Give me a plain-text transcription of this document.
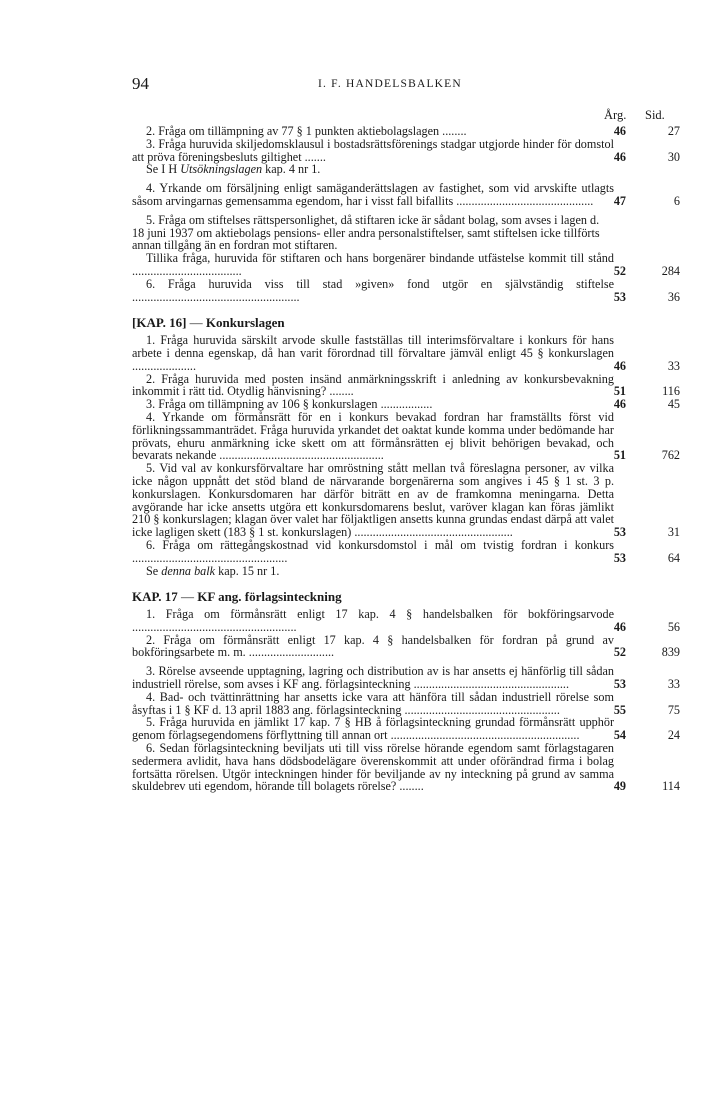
94	I. F. HANDELSBALKEN
Årg. Sid.
2. Fråga om tillämpning av 77 § 1 punkten aktiebolagslagen ........	46	27
3. Fråga huruvida skiljedomsklausul i bostadsrättsförenings stadgar utgjorde hinder för domstol att pröva föreningsbesluts giltighet .......	46	30
Se I H Utsökningslagen kap. 4 nr 1.
4. Yrkande om försäljning enligt samäganderättslagen av fastighet, som vid arvskifte utlagts såsom arvingarnas gemensamma egendom, har i visst fall bifallits .............................................	47	6
5. Fråga om stiftelses rättspersonlighet, då stiftaren icke är sådant bolag, som avses i lagen d. 18 juni 1937 om aktiebolags pensions- eller andra personalstiftelser, samt stiftelsen icke tillförts annan tillgång än en fordran mot stiftaren.
Tillika fråga, huruvida för stiftaren och hans borgenärer bindande utfästelse kommit till stånd ....................................	52	284
6. Fråga huruvida viss till stad »given» fond utgör en självständig stiftelse .......................................................	53	36
[KAP. 16] — Konkurslagen
1. Fråga huruvida särskilt arvode skulle fastställas till interimsförvaltare i konkurs för hans arbete i denna egenskap, då han varit förordnad till förvaltare jämväl enligt 45 § konkurslagen .....................	46	33
2. Fråga huruvida med posten insänd anmärkningsskrift i anledning av konkursbevakning inkommit i rätt tid. Otydlig hänvisning? ........	51	116
3. Fråga om tillämpning av 106 § konkurslagen .................	46	45
4. Yrkande om förmånsrätt för en i konkurs bevakad fordran har framställts först vid förlikningssammanträdet. Fråga huruvida yrkandet det oaktat kunde komma under bedömande har prövats, ehuru anmärkning icke skett om att förmånsrätten ej blivit behörigen bevakad, och bevarats nekande ......................................................	51	762
5. Vid val av konkursförvaltare har omröstning stått mellan två föreslagna personer, av vilka icke någon uppnått det stöd bland de närvarande borgenärerna som angives i 45 § 1 st. 3 p. konkurslagen. Konkursdomaren har därför biträtt en av de framkomna meningarna. Detta avgörande har icke ansetts utgöra ett konkursdomarens beslut, varöver klagan kan föras jämlikt 210 § konkurslagen; klagan över valet har följaktligen ansetts kunna grundas endast därpå att valet icke lagligen skett (183 § 1 st. konkurslagen) ....................................................	53	31
6. Fråga om rättegångskostnad vid konkursdomstol i mål om tvistig fordran i konkurs ...................................................	53	64
Se denna balk kap. 15 nr 1.
KAP. 17 — KF ang. förlagsinteckning
1. Fråga om förmånsrätt enligt 17 kap. 4 § handelsbalken för bokföringsarvode ......................................................	46	56
2. Fråga om förmånsrätt enligt 17 kap. 4 § handelsbalken för fordran på grund av bokföringsarbete m. m. ............................	52	839
3. Rörelse avseende upptagning, lagring och distribution av is har ansetts ej hänförlig till sådan industriell rörelse, som avses i KF ang. förlagsinteckning ...................................................	53	33
4. Bad- och tvättinrättning har ansetts icke vara att hänföra till sådan industriell rörelse som åsyftas i 1 § KF d. 13 april 1883 ang. förlagsinteckning ...................................................	55	75
5. Fråga huruvida en jämlikt 17 kap. 7 § HB å förlagsinteckning grundad förmånsrätt upphör genom förlagsegendomens förflyttning till annan ort ..............................................................	54	24
6. Sedan förlagsinteckning beviljats uti till viss rörelse hörande egendom samt förlagstagaren sedermera avlidit, hava hans dödsbodelägare överenskommit att under oförändrad firma i bolag fortsätta rörelsen. Utgör inteckningen hinder för beviljande av ny inteckning på grund av samma skuldebrev uti egendom, hörande till bolagets rörelse? ........	49	114
